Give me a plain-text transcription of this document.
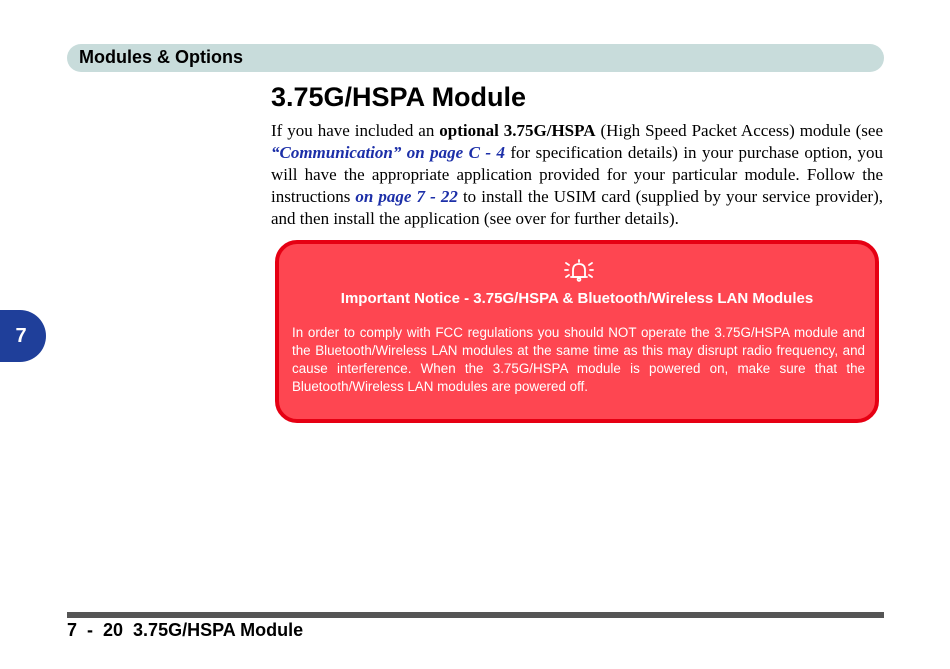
Modules & Options
7
3.75G/HSPA Module

If you have included an optional 3.75G/HSPA (High Speed Packet Access) module (see “Communication” on page C - 4 for specification details) in your purchase option, you will have the appropriate application provided for your particular module. Follow the instructions on page 7 - 22 to install the USIM card (supplied by your service provider), and then install the application (see over for further details).

Important Notice - 3.75G/HSPA & Bluetooth/Wireless LAN Modules

In order to comply with FCC regulations you should NOT operate the 3.75G/HSPA module and the Bluetooth/Wireless LAN modules at the same time as this may disrupt radio frequency, and cause interference. When the 3.75G/HSPA module is powered on, make sure that the Bluetooth/Wireless LAN modules are powered off.

7  -  20 3.75G/HSPA Module
